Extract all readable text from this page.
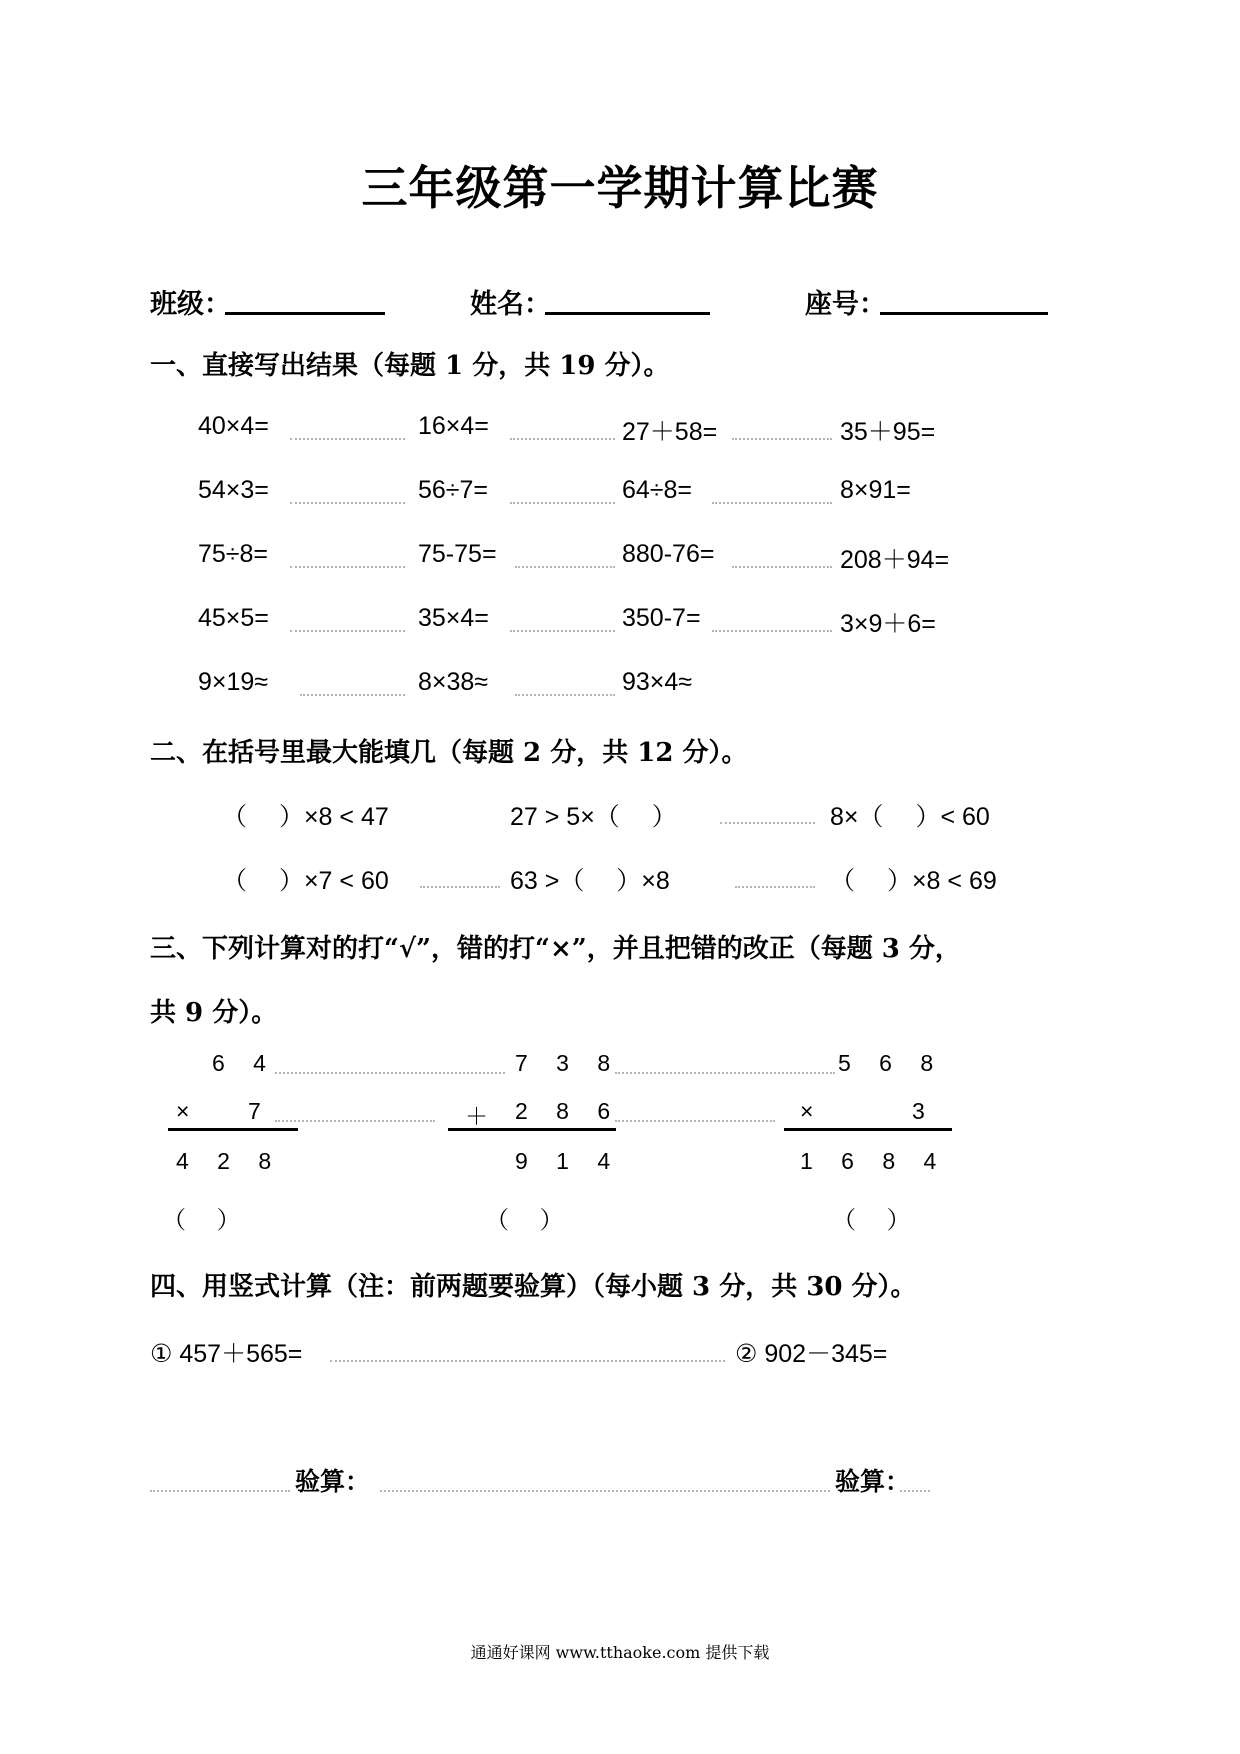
三年级第一学期计算比赛
班级：	姓名：	座号：
一、直接写出结果（每题 1 分，共 19 分）。
40×4=	16×4=	27＋58=	35＋95=
54×3=	56÷7=	64÷8=	8×91=
75÷8=	75-75=	880-76=	208＋94=
45×5=	35×4=	350-7=	3×9＋6=
9×19≈	8×38≈	93×4≈
二、在括号里最大能填几（每题 2 分，共 12 分）。
（　 ）×8 < 47	27 > 5×（　 ）	8×（　 ）< 60
（　 ）×7 < 60	63 >（　 ）×8	（　 ）×8 < 69
三、下列计算对的打“√”，错的打“×”，并且把错的改正（每题 3 分，
共 9 分）。
6 4
× 7
4 2 8
（　 ）
7 3 8
＋ 2 8 6
9 1 4
（　 ）
5 6 8
×	3
1 6 8 4
（　 ）
四、用竖式计算（注：前两题要验算）（每小题 3 分，共 30 分）。
① 457＋565=	② 902－345=
验算：	验算：
通通好课网 www.tthaoke.com 提供下载
